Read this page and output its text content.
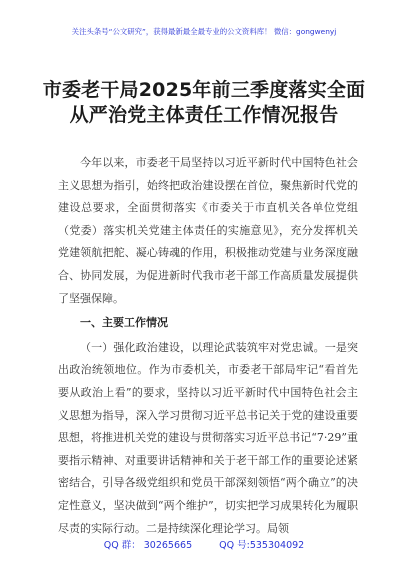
关注头条号“公文研究”，获得最新最全最专业的公文资料库！ 微信：gongwenyj
市委老干局2025年前三季度落实全面
从严治党主体责任工作情况报告

今年以来，市委老干局坚持以习近平新时代中国特色社会主义思想为指引，始终把政治建设摆在首位，聚焦新时代党的建设总要求，全面贯彻落实《市委关于市直机关各单位党组（党委）落实机关党建主体责任的实施意见》，充分发挥机关党建领航把舵、凝心铸魂的作用，积极推动党建与业务深度融合、协同发展，为促进新时代我市老干部工作高质量发展提供了坚强保障。

一、主要工作情况

（一）强化政治建设，以理论武装筑牢对党忠诚。一是突出政治统领地位。作为市委机关，市委老干部局牢记“看首先要从政治上看”的要求，坚持以习近平新时代中国特色社会主义思想为指导，深入学习贯彻习近平总书记关于党的建设重要思想，将推进机关党的建设与贯彻落实习近平总书记“7·29”重要指示精神、对重要讲话精神和关于老干部工作的重要论述紧密结合，引导各级党组织和党员干部深刻领悟“两个确立”的决定性意义，坚决做到“两个维护”，切实把学习成果转化为履职尽责的实际行动。二是持续深化理论学习。局领

QQ 群： 30265665	QQ 号:535304092
